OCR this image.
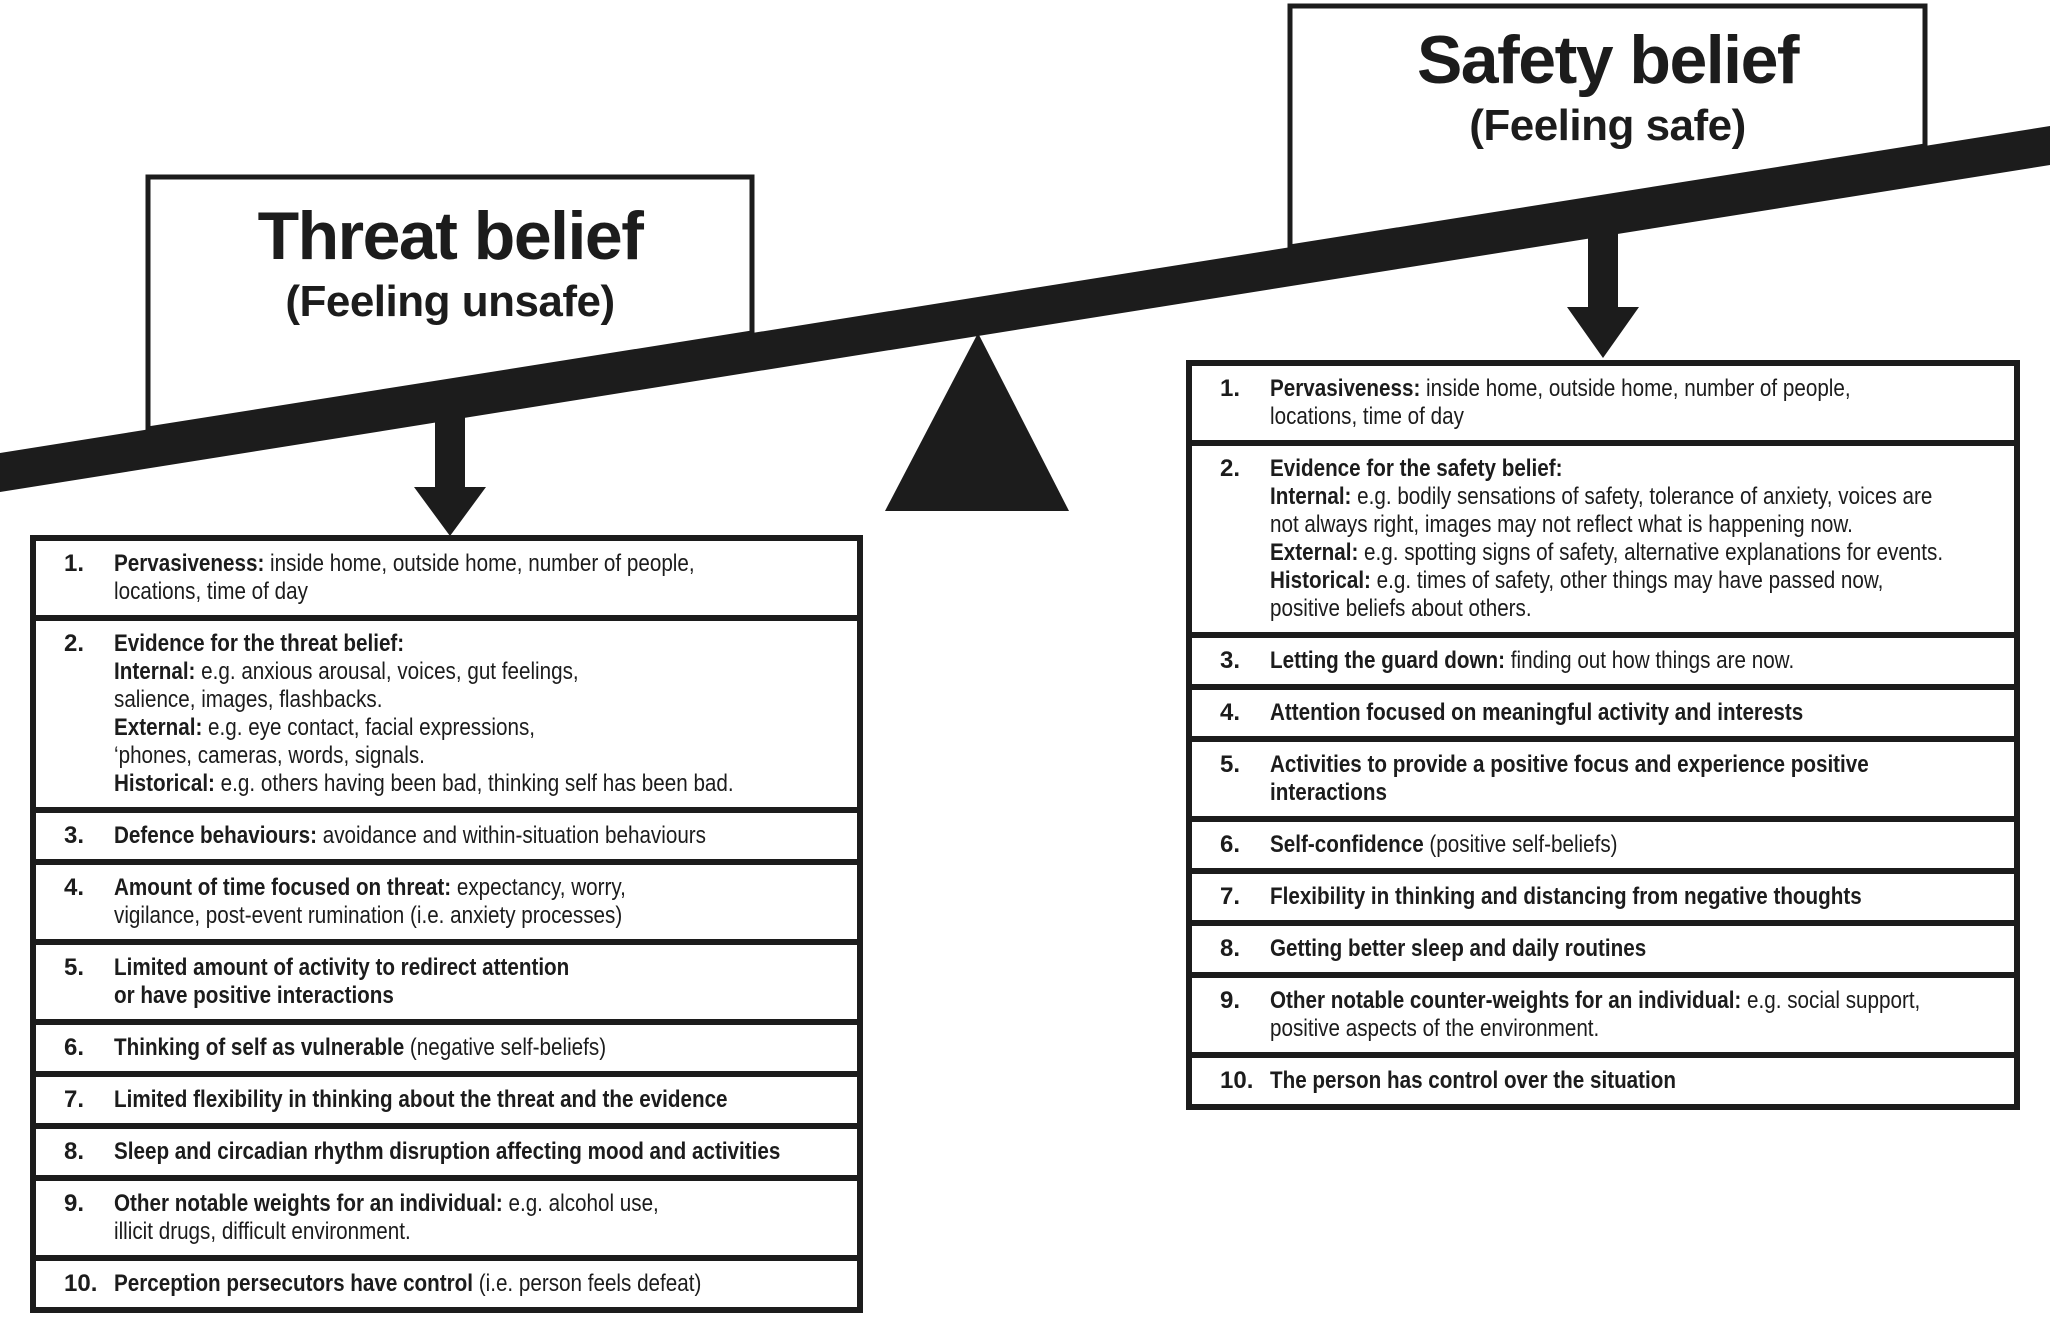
Threat belief
(Feeling unsafe)
Safety belief
(Feeling safe)
1.	Pervasiveness: inside home, outside home, number of people,
locations, time of day
2.	Evidence for the threat belief:
Internal: e.g. anxious arousal, voices, gut feelings,
salience, images, flashbacks.
External: e.g. eye contact, facial expressions,
‘phones, cameras, words, signals.
Historical: e.g. others having been bad, thinking self has been bad.
3.	Defence behaviours: avoidance and within-situation behaviours
4.	Amount of time focused on threat: expectancy, worry,
vigilance, post-event rumination (i.e. anxiety processes)
5.	Limited amount of activity to redirect attention
or have positive interactions
6.	Thinking of self as vulnerable (negative self-beliefs)
7.	Limited flexibility in thinking about the threat and the evidence
8.	Sleep and circadian rhythm disruption affecting mood and activities
9.	Other notable weights for an individual: e.g. alcohol use,
illicit drugs, difficult environment.
10. Perception persecutors have control (i.e. person feels defeat)
1.	Pervasiveness: inside home, outside home, number of people,
locations, time of day
2.	Evidence for the safety belief:
Internal: e.g. bodily sensations of safety, tolerance of anxiety, voices are
not always right, images may not reflect what is happening now.
External: e.g. spotting signs of safety, alternative explanations for events.
Historical: e.g. times of safety, other things may have passed now,
positive beliefs about others.
3.	Letting the guard down: finding out how things are now.
4.	Attention focused on meaningful activity and interests
5.	Activities to provide a positive focus and experience positive
interactions
6.	Self-confidence (positive self-beliefs)
7.	Flexibility in thinking and distancing from negative thoughts
8.	Getting better sleep and daily routines
9.	Other notable counter-weights for an individual: e.g. social support,
positive aspects of the environment.
10. The person has control over the situation
